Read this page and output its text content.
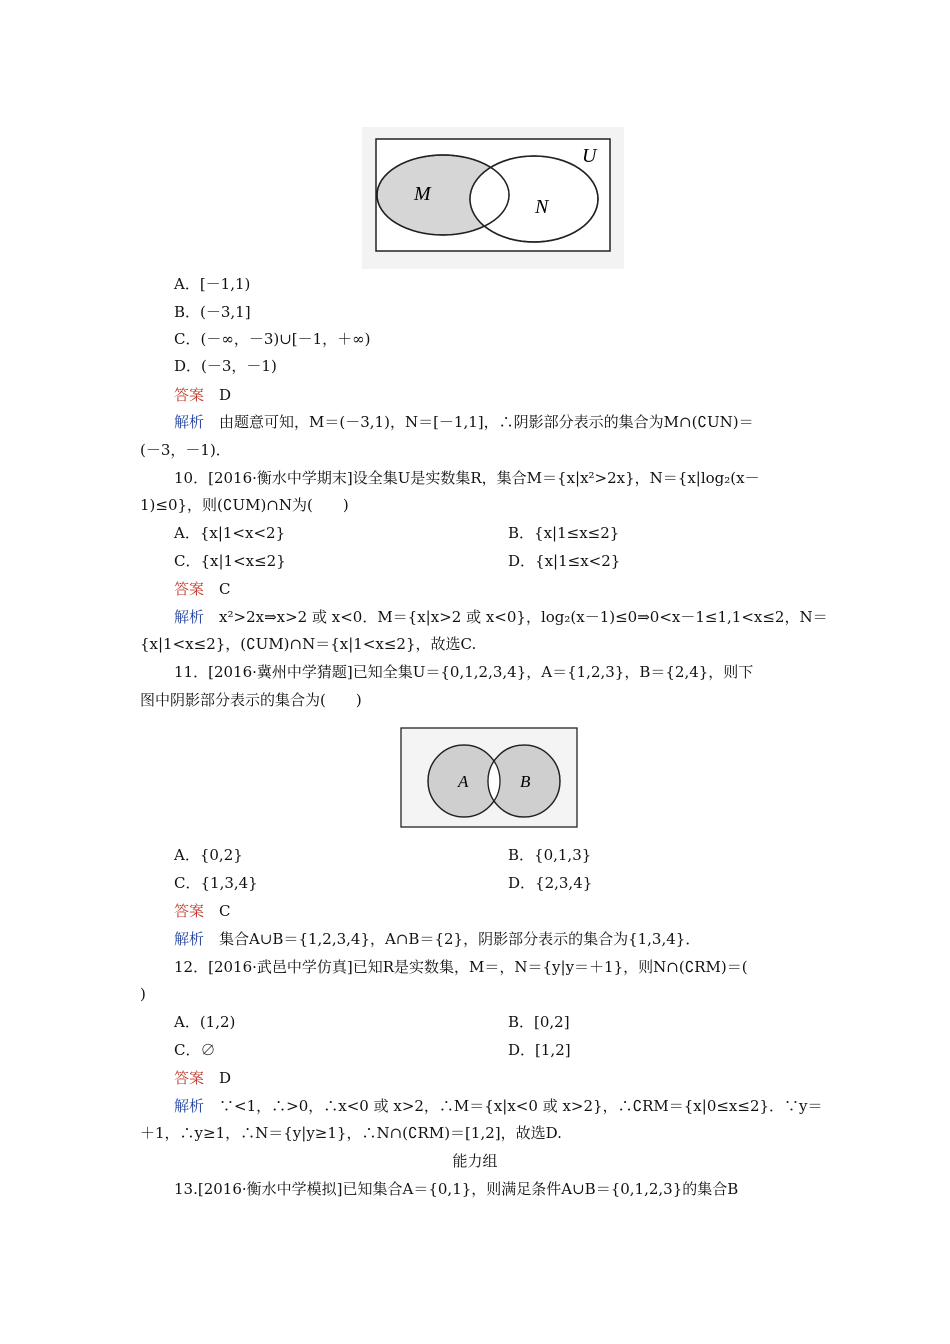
M
N
U
A．[－1,1)
B．(－3,1]
C．(－∞，－3)∪[－1，＋∞)
D．(－3，－1)
答案　 D
解析　 由题意可知，M＝(－3,1)，N＝[－1,1]，∴阴影部分表示的集合为M∩(∁UN)＝
(－3，－1)．
10．[2016·衡水中学期末]设全集U是实数集R，集合M＝{x|x²>2x}，N＝{x|log₂(x－
1)≤0}，则(∁UM)∩N为(　　)
A．{x|1<x<2}	B．{x|1≤x≤2}
C．{x|1<x≤2}	D．{x|1≤x<2}
答案　 C
解析　 x²>2x⇒x>2 或 x<0．M＝{x|x>2 或 x<0}，log₂(x－1)≤0⇒0<x－1≤1,1<x≤2，N＝
{x|1<x≤2}，(∁UM)∩N＝{x|1<x≤2}，故选C.
11．[2016·冀州中学猜题]已知全集U＝{0,1,2,3,4}，A＝{1,2,3}，B＝{2,4}，则下
图中阴影部分表示的集合为(　　)
A	B
A．{0,2}	B．{0,1,3}
C．{1,3,4}	D．{2,3,4}
答案　 C
解析　 集合A∪B＝{1,2,3,4}，A∩B＝{2}，阴影部分表示的集合为{1,3,4}．
12．[2016·武邑中学仿真]已知R是实数集，M＝，N＝{y|y＝＋1}，则N∩(∁RM)＝(
)
A．(1,2)	B．[0,2]
C．∅	D．[1,2]
答案　 D
解析　 ∵<1，∴>0，∴x<0 或 x>2，∴M＝{x|x<0 或 x>2}，∴∁RM＝{x|0≤x≤2}．∵y＝
＋1，∴y≥1，∴N＝{y|y≥1}，∴N∩(∁RM)＝[1,2]，故选D.
能力组
13.[2016·衡水中学模拟]已知集合A＝{0,1}，则满足条件A∪B＝{0,1,2,3}的集合B
